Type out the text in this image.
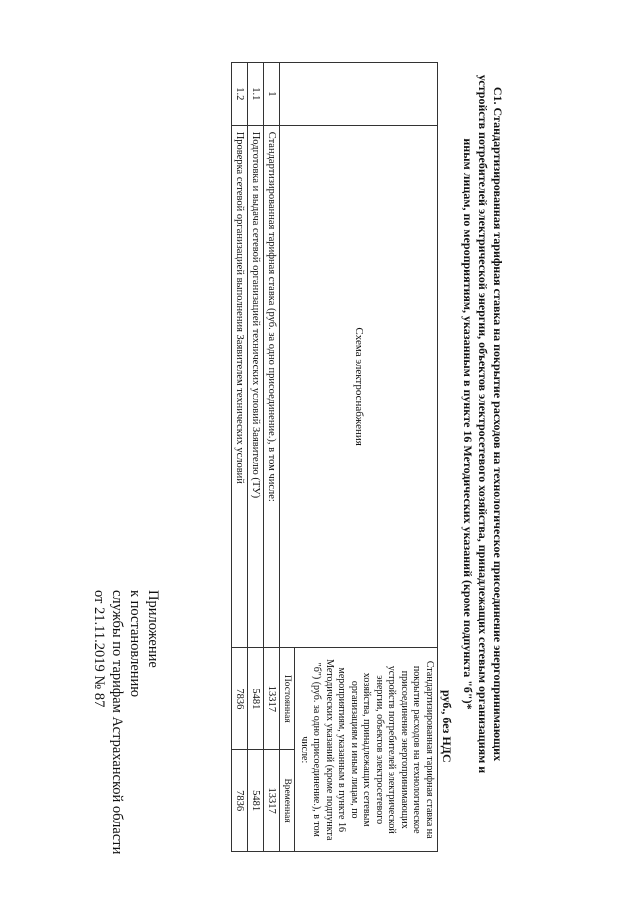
Приложение
к постановлению
службы по тарифам Астраханской области
от 21.11.2019 № 87	С1. Стандартизированная тарифная ставка на покрытие расходов на технологическое присоединение энергопринимающих устройств потребителей электрической энергии, объектов электросетевого хозяйства, принадлежащих сетевым организациям и иным лицам, по мероприятиям, указанным в пункте 16 Методических указаний (кроме подпункта "б")*
руб., без НДС
	Схема электроснабжения	Стандартизированная тарифная ставка на покрытие расходов на технологическое присоединение энергопринимающих устройств потребителей электрической энергии, объектов электросетевого хозяйства, принадлежащих сетевым организациям и иным лицам, по мероприятиям, указанным в пункте 16 Методических указаний (кроме подпункта "б") (руб. за одно присоединение.), в том числе:	
		Постоянная	Временная
1	Стандартизированная тарифная ставка (руб. за одно присоединение.), в том числе:	13317	13317
1.1	Подготовка и выдача сетевой организацией технических условий Заявителю (ТУ)	5481	5481
1.2	Проверка сетевой организацией выполнения Заявителем технических условий	7836	7836
